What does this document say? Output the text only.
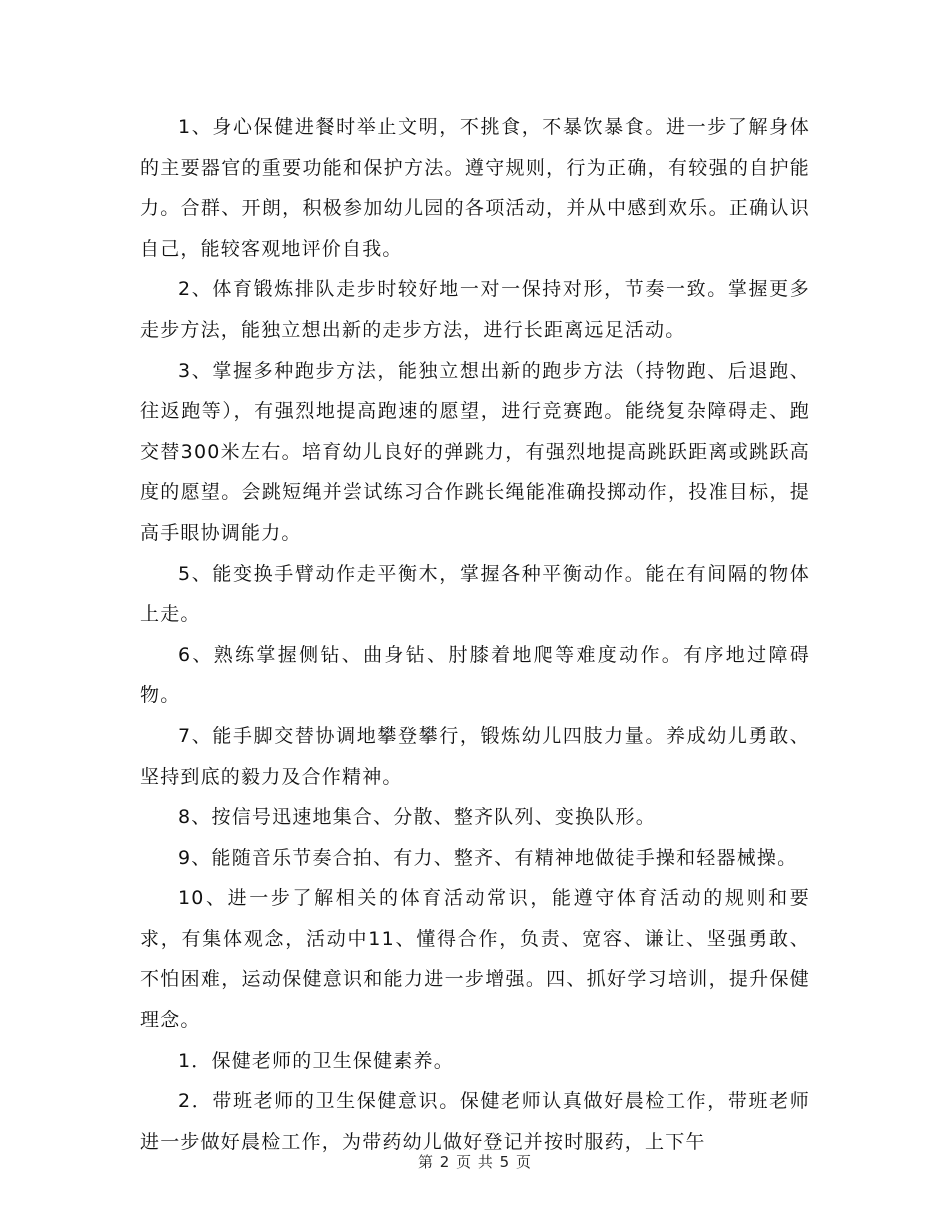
1、身心保健进餐时举止文明，不挑食，不暴饮暴食。进一步了解身体的主要器官的重要功能和保护方法。遵守规则，行为正确，有较强的自护能力。合群、开朗，积极参加幼儿园的各项活动，并从中感到欢乐。正确认识自己，能较客观地评价自我。

2、体育锻炼排队走步时较好地一对一保持对形，节奏一致。掌握更多走步方法，能独立想出新的走步方法，进行长距离远足活动。

3、掌握多种跑步方法，能独立想出新的跑步方法（持物跑、后退跑、往返跑等），有强烈地提高跑速的愿望，进行竞赛跑。能绕复杂障碍走、跑交替300米左右。培育幼儿良好的弹跳力，有强烈地提高跳跃距离或跳跃高度的愿望。会跳短绳并尝试练习合作跳长绳能准确投掷动作，投准目标，提高手眼协调能力。

5、能变换手臂动作走平衡木，掌握各种平衡动作。能在有间隔的物体上走。

6、熟练掌握侧钻、曲身钻、肘膝着地爬等难度动作。有序地过障碍物。

7、能手脚交替协调地攀登攀行，锻炼幼儿四肢力量。养成幼儿勇敢、坚持到底的毅力及合作精神。

8、按信号迅速地集合、分散、整齐队列、变换队形。

9、能随音乐节奏合拍、有力、整齐、有精神地做徒手操和轻器械操。

10、进一步了解相关的体育活动常识，能遵守体育活动的规则和要求，有集体观念，活动中11、懂得合作，负责、宽容、谦让、坚强勇敢、不怕困难，运动保健意识和能力进一步增强。四、抓好学习培训，提升保健理念。

1．保健老师的卫生保健素养。

2．带班老师的卫生保健意识。保健老师认真做好晨检工作，带班老师进一步做好晨检工作，为带药幼儿做好登记并按时服药，上下午

第 2 页 共 5 页
